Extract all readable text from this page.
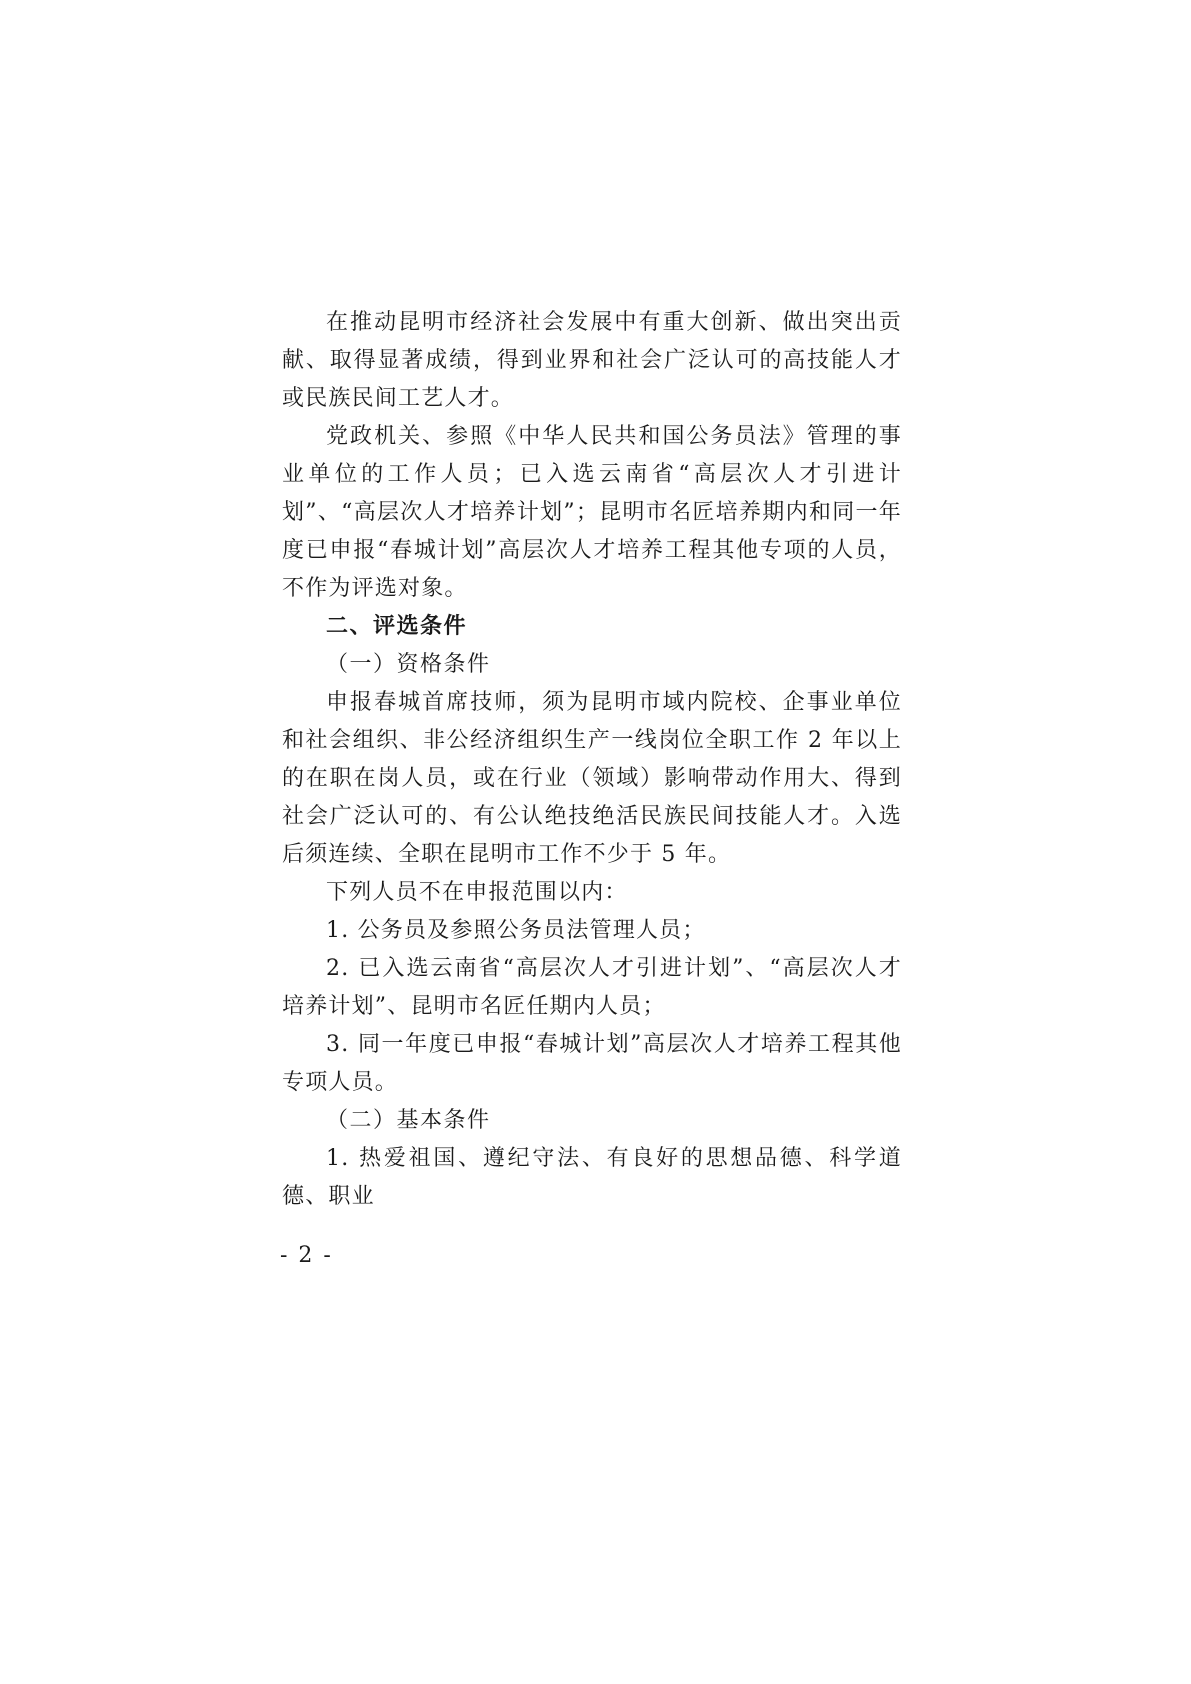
在推动昆明市经济社会发展中有重大创新、做出突出贡献、取得显著成绩，得到业界和社会广泛认可的高技能人才或民族民间工艺人才。

党政机关、参照《中华人民共和国公务员法》管理的事业单位的工作人员；已入选云南省“高层次人才引进计划”、“高层次人才培养计划”；昆明市名匠培养期内和同一年度已申报“春城计划”高层次人才培养工程其他专项的人员，不作为评选对象。

二、评选条件

（一）资格条件

申报春城首席技师，须为昆明市域内院校、企事业单位和社会组织、非公经济组织生产一线岗位全职工作 2 年以上的在职在岗人员，或在行业（领域）影响带动作用大、得到社会广泛认可的、有公认绝技绝活民族民间技能人才。入选后须连续、全职在昆明市工作不少于 5 年。

下列人员不在申报范围以内：

1. 公务员及参照公务员法管理人员；

2. 已入选云南省“高层次人才引进计划”、“高层次人才培养计划”、昆明市名匠任期内人员；

3. 同一年度已申报“春城计划”高层次人才培养工程其他专项人员。

（二）基本条件

1. 热爱祖国、遵纪守法、有良好的思想品德、科学道德、职业

- 2 -
